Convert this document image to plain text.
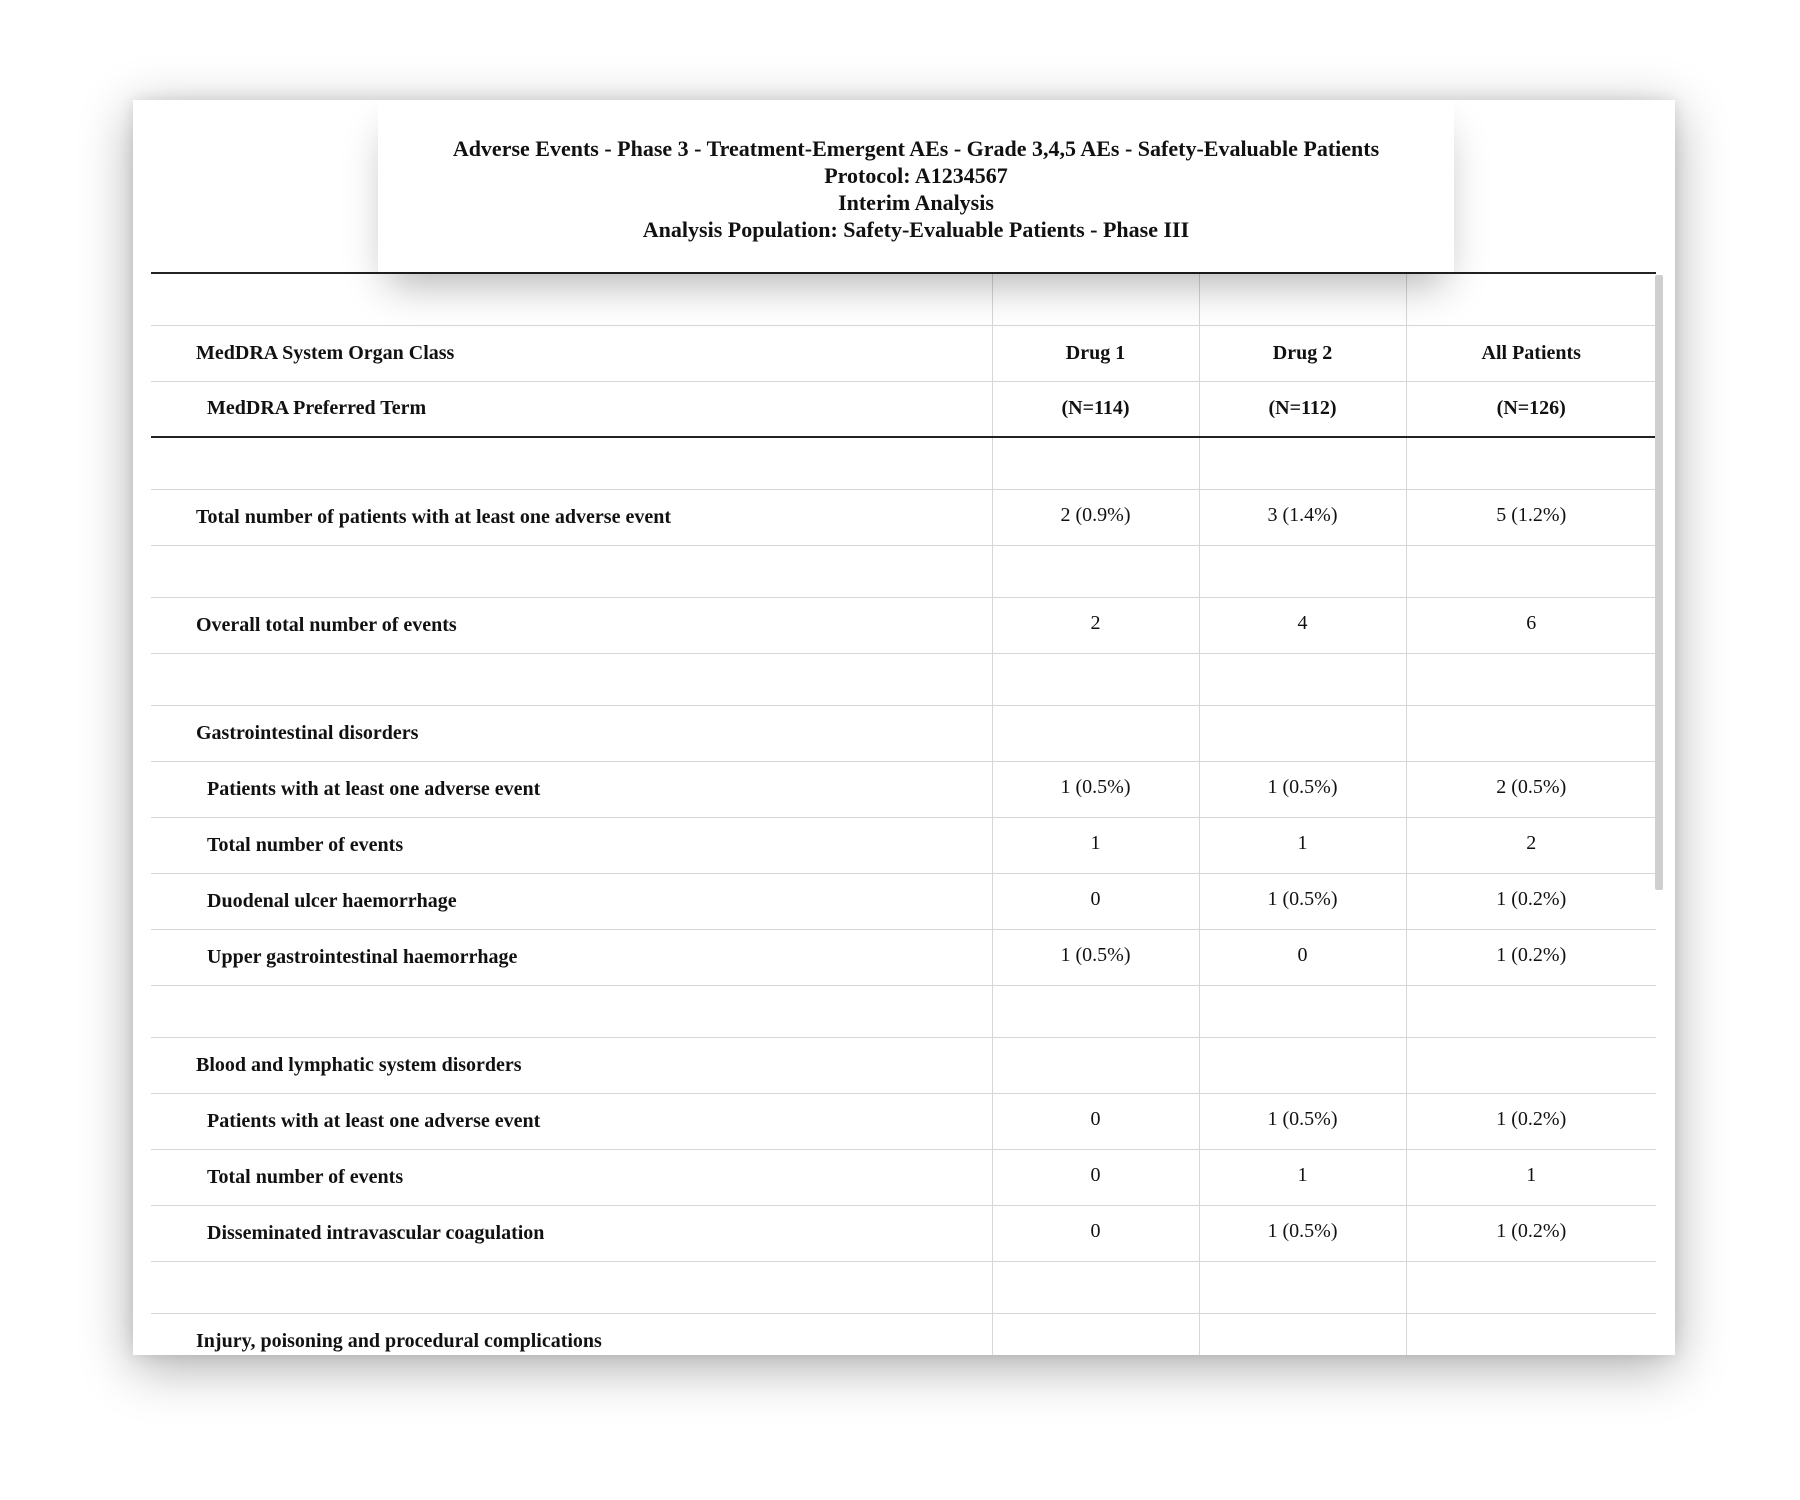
Adverse Events - Phase 3 - Treatment-Emergent AEs - Grade 3,4,5 AEs - Safety-Evaluable Patients
Protocol: A1234567
Interim Analysis
Analysis Population: Safety-Evaluable Patients - Phase III

MedDRA System Organ Class	Drug 1	Drug 2	All Patients
MedDRA Preferred Term	(N=114)	(N=112)	(N=126)

Total number of patients with at least one adverse event	2 (0.9%)	3 (1.4%)	5 (1.2%)

Overall total number of events	2	4	6

Gastrointestinal disorders			
Patients with at least one adverse event	1 (0.5%)	1 (0.5%)	2 (0.5%)
Total number of events	1	1	2
Duodenal ulcer haemorrhage	0	1 (0.5%)	1 (0.2%)
Upper gastrointestinal haemorrhage	1 (0.5%)	0	1 (0.2%)

Blood and lymphatic system disorders			
Patients with at least one adverse event	0	1 (0.5%)	1 (0.2%)
Total number of events	0	1	1
Disseminated intravascular coagulation	0	1 (0.5%)	1 (0.2%)

Injury, poisoning and procedural complications			
